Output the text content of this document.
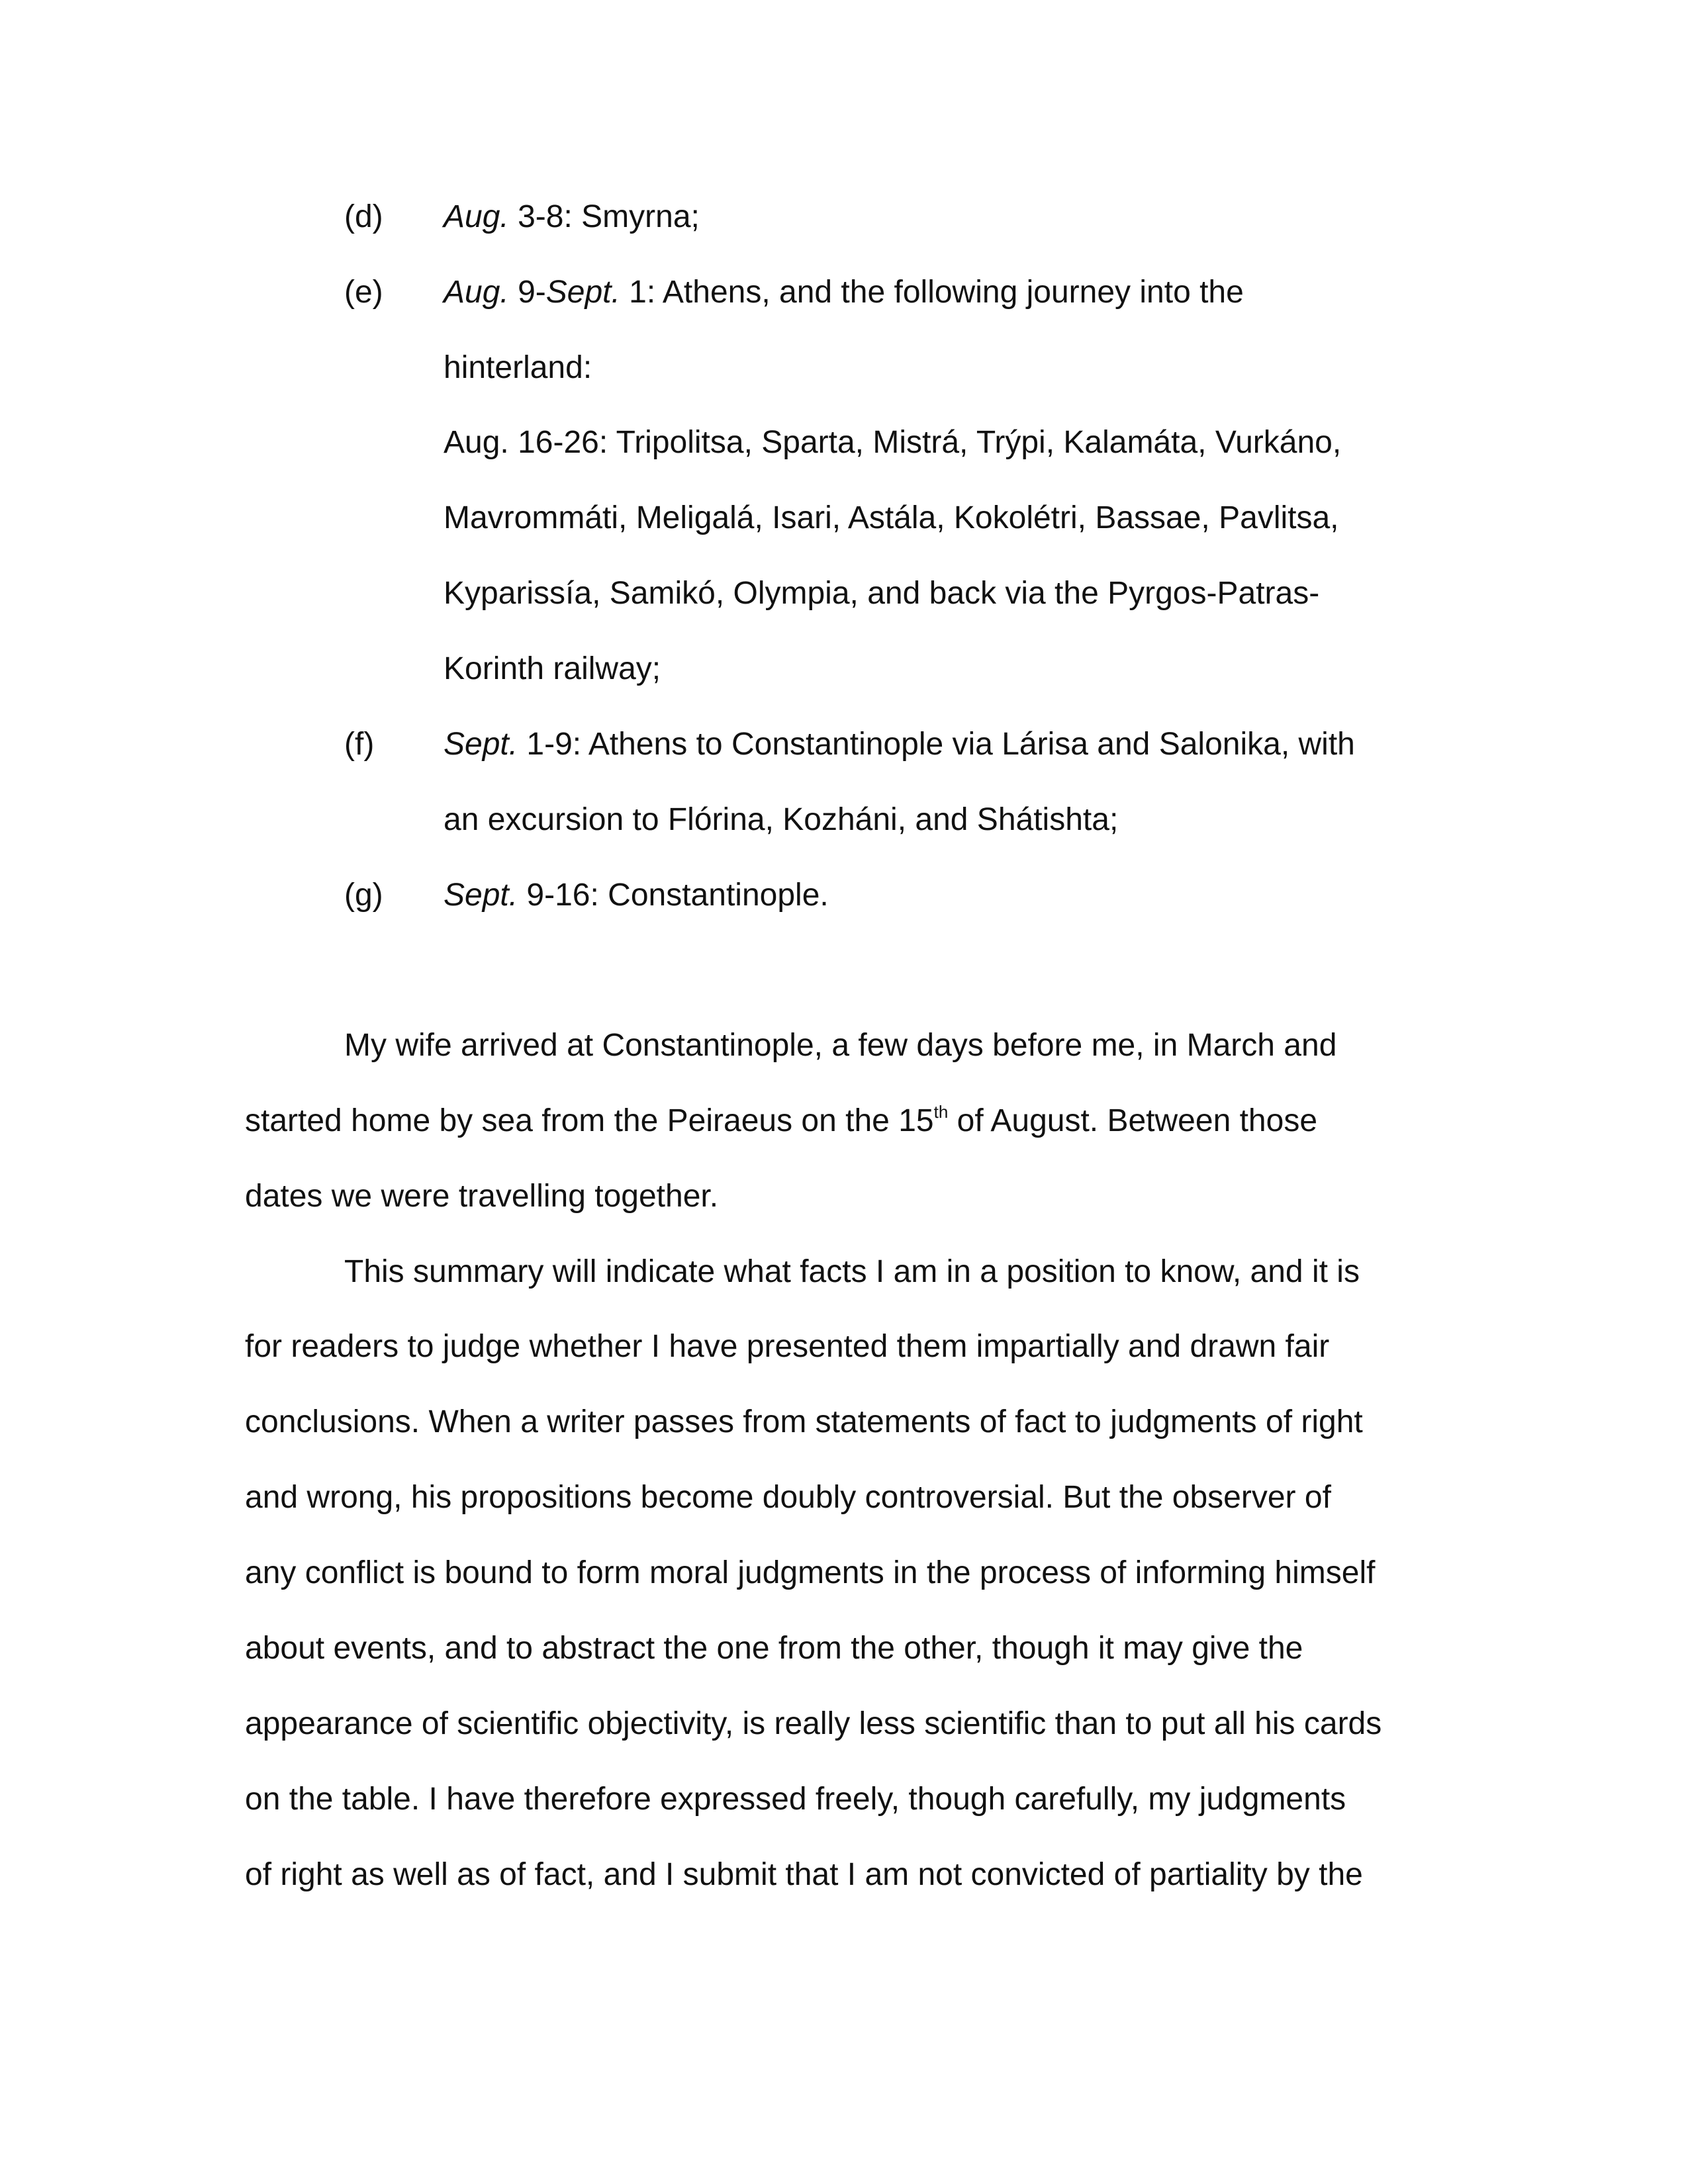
(d) Aug. 3-8: Smyrna;
(e) Aug. 9-Sept. 1: Athens, and the following journey into the
hinterland:
Aug. 16-26: Tripolitsa, Sparta, Mistrá, Trýpi, Kalamáta, Vurkáno,
Mavrommáti, Meligalá, Isari, Astála, Kokolétri, Bassae, Pavlitsa,
Kyparissía, Samikó, Olympia, and back via the Pyrgos-Patras-
Korinth railway;
(f) Sept. 1-9: Athens to Constantinople via Lárisa and Salonika, with
an excursion to Flórina, Kozháni, and Shátishta;
(g) Sept. 9-16: Constantinople.
My wife arrived at Constantinople, a few days before me, in March and
started home by sea from the Peiraeus on the 15th of August. Between those
dates we were travelling together.
This summary will indicate what facts I am in a position to know, and it is
for readers to judge whether I have presented them impartially and drawn fair
conclusions. When a writer passes from statements of fact to judgments of right
and wrong, his propositions become doubly controversial. But the observer of
any conflict is bound to form moral judgments in the process of informing himself
about events, and to abstract the one from the other, though it may give the
appearance of scientific objectivity, is really less scientific than to put all his cards
on the table. I have therefore expressed freely, though carefully, my judgments
of right as well as of fact, and I submit that I am not convicted of partiality by the
